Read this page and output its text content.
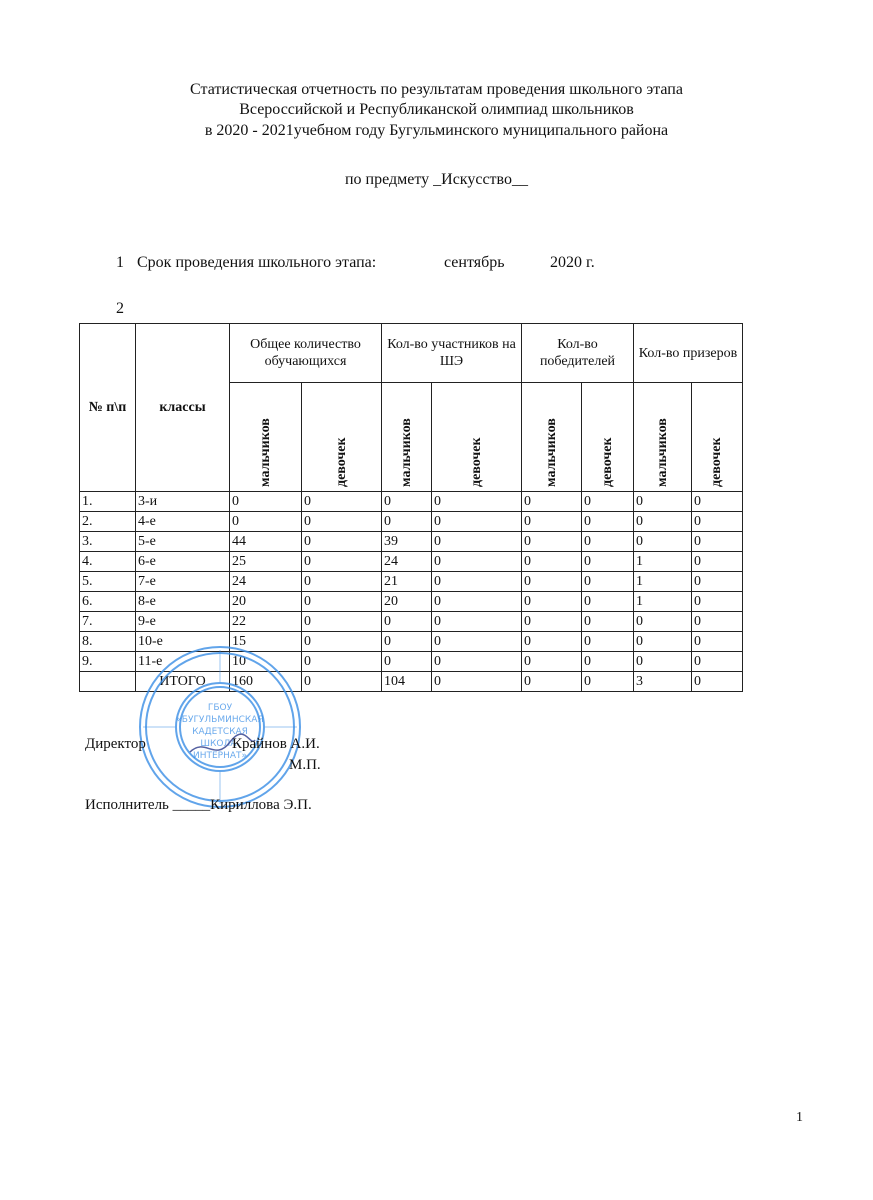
Статистическая отчетность по результатам проведения школьного этапа
Всероссийской и Республиканской олимпиад школьников
в 2020 - 2021учебном году Бугульминского муниципального района
по предмету _Искусство__
1 Срок проведения школьного этапа:	сентябрь	2020 г.
2
№ п\п	классы	Общее количество обучающихся		Кол-во участников на ШЭ		Кол-во победителей		Кол-во призеров	

		мальчиков	девочек	мальчиков	девочек	мальчиков	девочек	мальчиков	девочек

1.	3-и	0	0	0	0	0	0	0	0
2.	4-е	0	0	0	0	0	0	0	0
3.	5-е	44	0	39	0	0	0	0	0
4.	6-е	25	0	24	0	0	0	1	0
5.	7-е	24	0	21	0	0	0	1	0
6.	8-е	20	0	20	0	0	0	1	0
7.	9-е	22	0	0	0	0	0	0	0
8.	10-е	15	0	0	0	0	0	0	0
9.	11-е	10	0	0	0	0	0	0	0
	ИТОГО	160	0	104	0	0	0	3	0
ГБОУ
«БУГУЛЬМИНСКАЯ
КАДЕТСКАЯ
ШКОЛА-
ИНТЕРНАТ»
Директор	Крайнов А.И.
М.П.
Исполнитель _____Кириллова Э.П.
1
